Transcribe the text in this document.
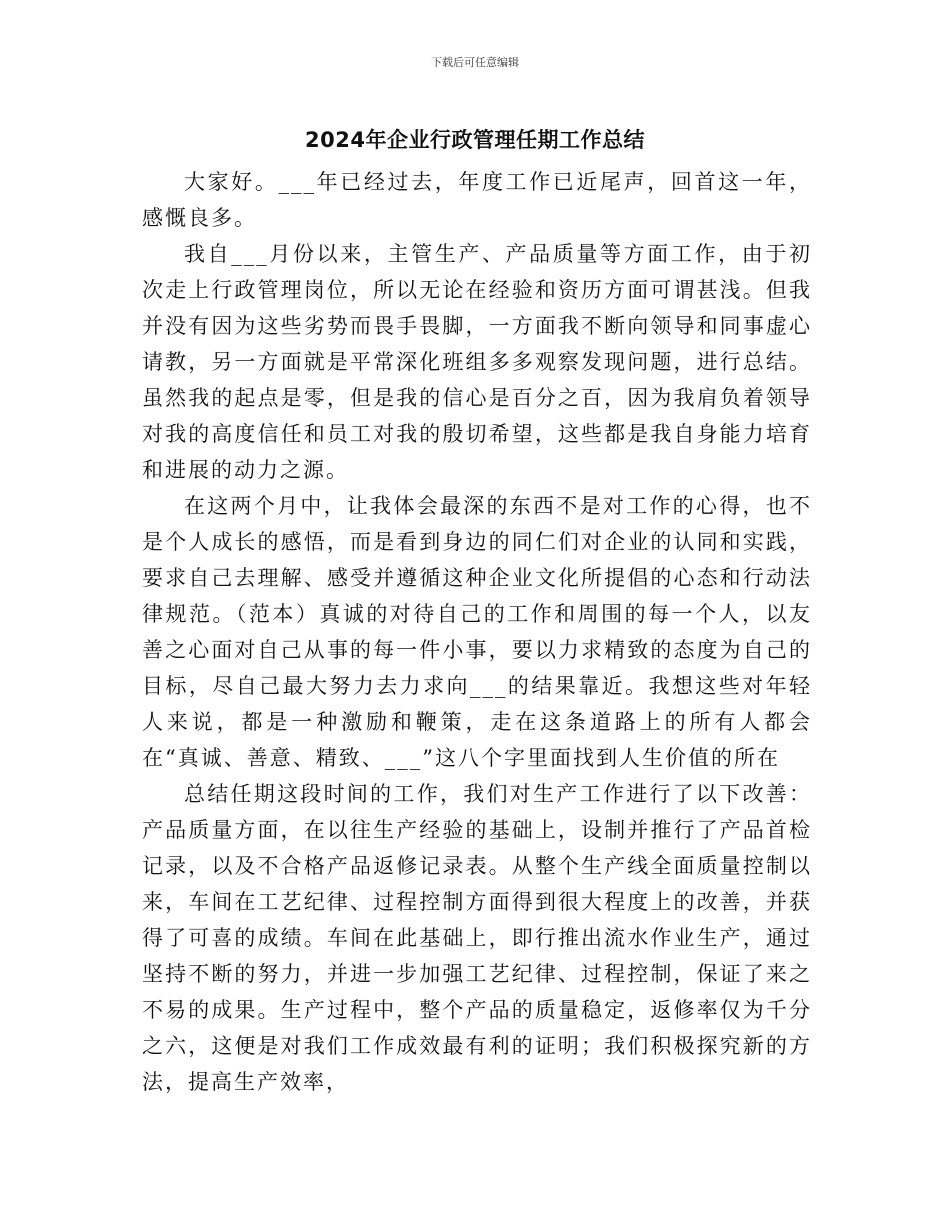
下载后可任意编辑
2024年企业行政管理任期工作总结

大家好。___年已经过去，年度工作已近尾声，回首这一年，感慨良多。

我自___月份以来，主管生产、产品质量等方面工作，由于初次走上行政管理岗位，所以无论在经验和资历方面可谓甚浅。但我并没有因为这些劣势而畏手畏脚，一方面我不断向领导和同事虚心请教，另一方面就是平常深化班组多多观察发现问题，进行总结。虽然我的起点是零，但是我的信心是百分之百，因为我肩负着领导对我的高度信任和员工对我的殷切希望，这些都是我自身能力培育和进展的动力之源。

在这两个月中，让我体会最深的东西不是对工作的心得，也不是个人成长的感悟，而是看到身边的同仁们对企业的认同和实践，要求自己去理解、感受并遵循这种企业文化所提倡的心态和行动法律规范。（范本）真诚的对待自己的工作和周围的每一个人，以友善之心面对自己从事的每一件小事，要以力求精致的态度为自己的目标，尽自己最大努力去力求向___的结果靠近。我想这些对年轻人来说，都是一种激励和鞭策，走在这条道路上的所有人都会在“真诚、善意、精致、___”这八个字里面找到人生价值的所在

总结任期这段时间的工作，我们对生产工作进行了以下改善：产品质量方面，在以往生产经验的基础上，设制并推行了产品首检记录，以及不合格产品返修记录表。从整个生产线全面质量控制以来，车间在工艺纪律、过程控制方面得到很大程度上的改善，并获得了可喜的成绩。车间在此基础上，即行推出流水作业生产，通过坚持不断的努力，并进一步加强工艺纪律、过程控制，保证了来之不易的成果。生产过程中，整个产品的质量稳定，返修率仅为千分之六，这便是对我们工作成效最有利的证明；我们积极探究新的方法，提高生产效率，
